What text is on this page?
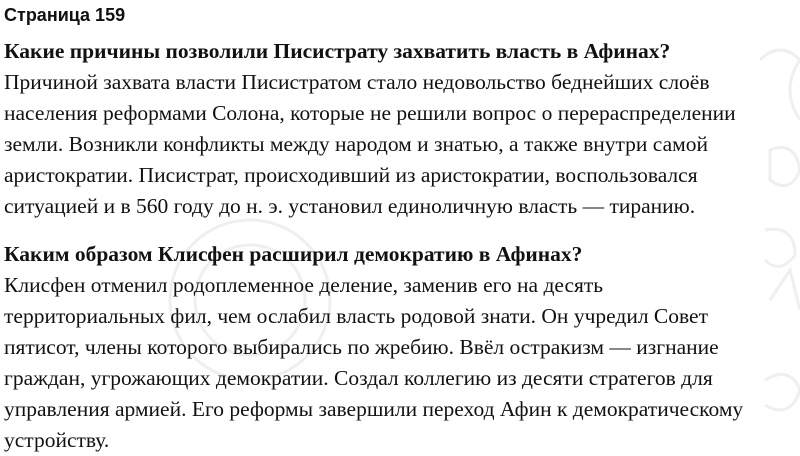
Страница 159
Какие причины позволили Писистрату захватить власть в Афинах?

Причиной захвата власти Писистратом стало недовольство беднейших слоёв
населения реформами Солона, которые не решили вопрос о перераспределении
земли. Возникли конфликты между народом и знатью, а также внутри самой
аристократии. Писистрат, происходивший из аристократии, воспользовался
ситуацией и в 560 году до н. э. установил единоличную власть — тиранию.

Каким образом Клисфен расширил демократию в Афинах?

Клисфен отменил родоплеменное деление, заменив его на десять
территориальных фил, чем ослабил власть родовой знати. Он учредил Совет
пятисот, члены которого выбирались по жребию. Ввёл остракизм — изгнание
граждан, угрожающих демократии. Создал коллегию из десяти стратегов для
управления армией. Его реформы завершили переход Афин к демократическому
устройству.
